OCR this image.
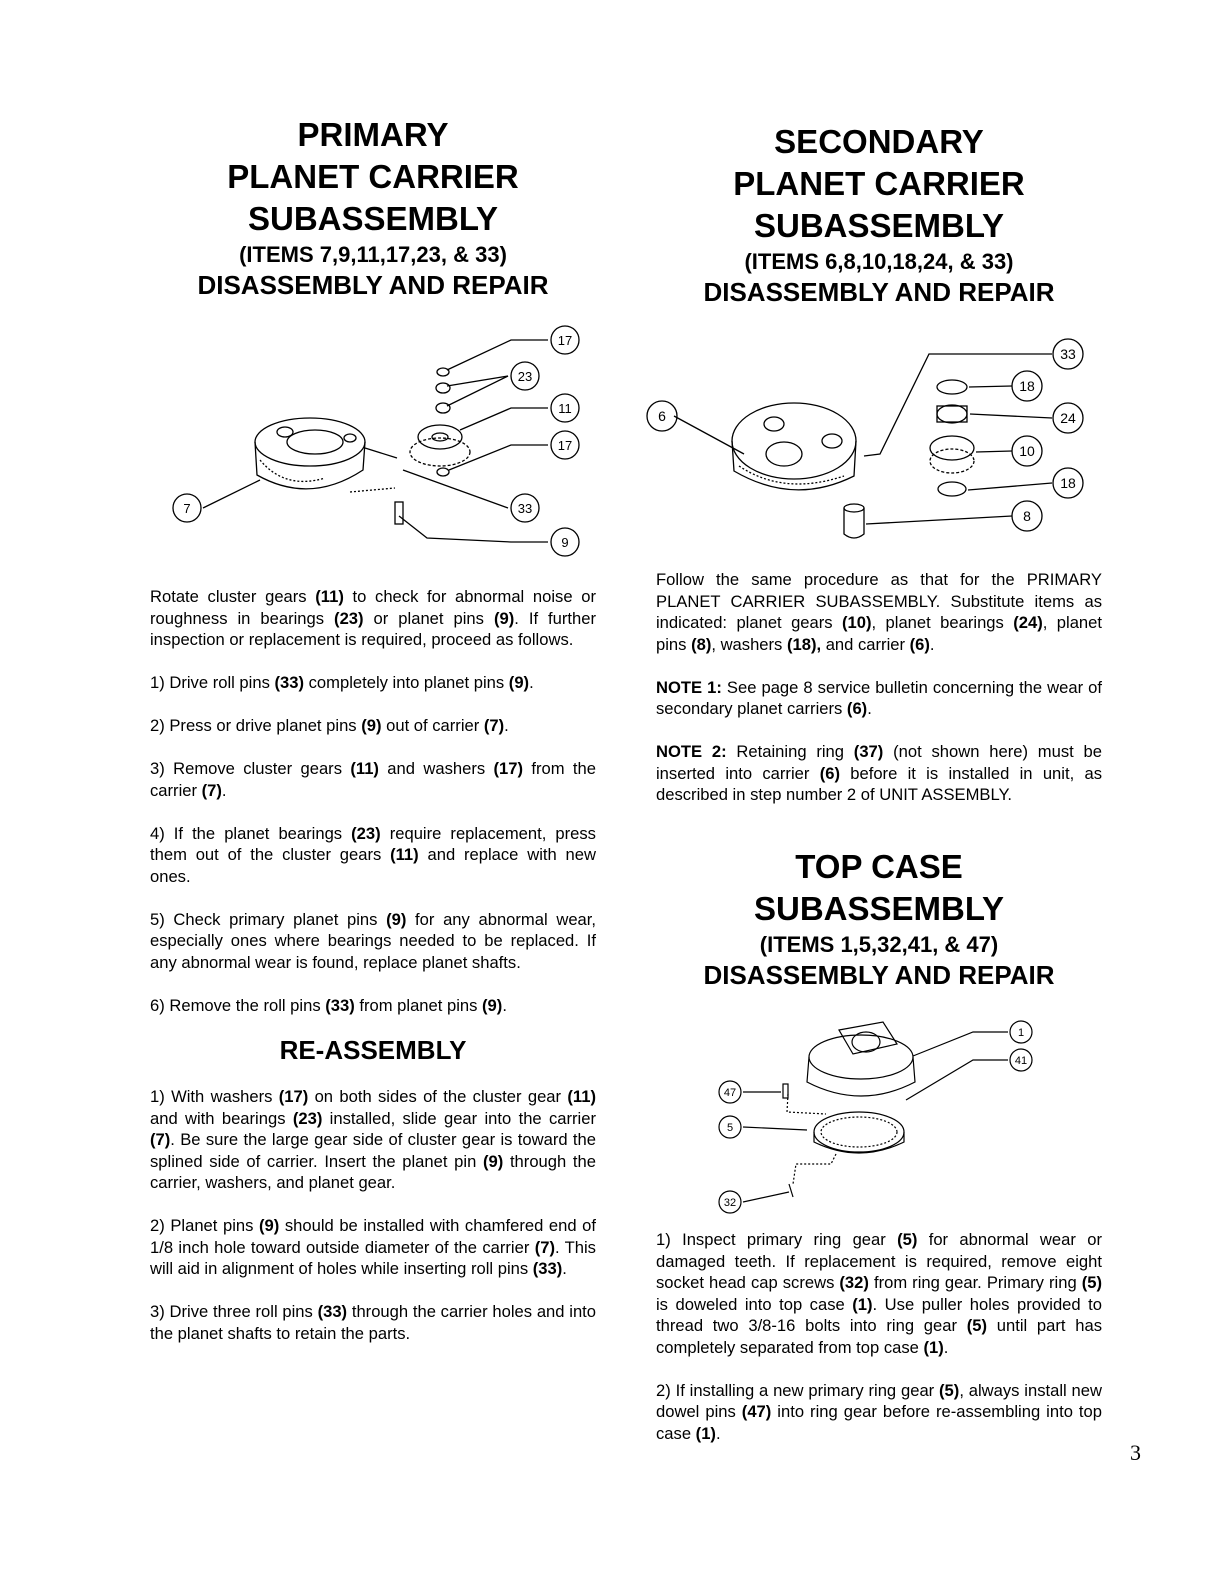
PRIMARY
PLANET CARRIER
SUBASSEMBLY
(ITEMS 7,9,11,17,23, & 33)
DISASSEMBLY AND REPAIR
17
23
11
17
33
9
7

Rotate cluster gears (11) to check for abnormal noise or roughness in bearings (23) or planet pins (9). If further inspection or replacement is required, proceed as follows.

1) Drive roll pins (33) completely into planet pins (9).

2) Press or drive planet pins (9) out of carrier (7).

3) Remove cluster gears (11) and washers (17) from the carrier (7).

4) If the planet bearings (23) require replacement, press them out of the cluster gears (11) and replace with new ones.

5) Check primary planet pins (9) for any abnormal wear, especially ones where bearings needed to be replaced. If any abnormal wear is found, replace planet shafts.

6) Remove the roll pins (33) from planet pins (9).

RE-ASSEMBLY

1) With washers (17) on both sides of the cluster gear (11) and with bearings (23) installed, slide gear into the carrier (7). Be sure the large gear side of cluster gear is toward the splined side of carrier. Insert the planet pin (9) through the carrier, washers, and planet gear.

2) Planet pins (9) should be installed with chamfered end of 1/8 inch hole toward outside diameter of the carrier (7). This will aid in alignment of holes while inserting roll pins (33).

3) Drive three roll pins (33) through the carrier holes and into the planet shafts to retain the parts.

SECONDARY
PLANET CARRIER
SUBASSEMBLY
(ITEMS 6,8,10,18,24, & 33)
DISASSEMBLY AND REPAIR
33
18
24
10
18
8
6

Follow the same procedure as that for the PRIMARY PLANET CARRIER SUBASSEMBLY. Substitute items as indicated: planet gears (10), planet bearings (24), planet pins (8), washers (18), and carrier (6).

NOTE 1: See page 8 service bulletin concerning the wear of secondary planet carriers (6).

NOTE 2: Retaining ring (37) (not shown here) must be inserted into carrier (6) before it is installed in unit, as described in step number 2 of UNIT ASSEMBLY.

TOP CASE
SUBASSEMBLY
(ITEMS 1,5,32,41, & 47)
DISASSEMBLY AND REPAIR
1
41
47
5
32

1) Inspect primary ring gear (5) for abnormal wear or damaged teeth. If replacement is required, remove eight socket head cap screws (32) from ring gear. Primary ring (5) is doweled into top case (1). Use puller holes provided to thread two 3/8-16 bolts into ring gear (5) until part has completely separated from top case (1).

2) If installing a new primary ring gear (5), always install new dowel pins (47) into ring gear before re-assembling into top case (1).

3
